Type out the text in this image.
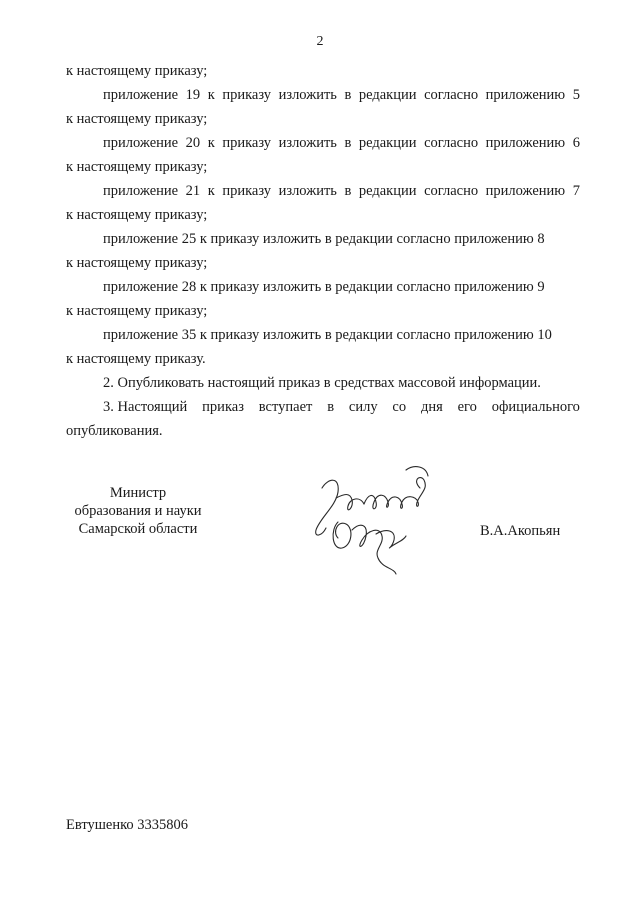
2
к настоящему приказу;
приложение 19 к приказу изложить в редакции согласно приложению 5
к настоящему приказу;
приложение 20 к приказу изложить в редакции согласно приложению 6
к настоящему приказу;
приложение 21 к приказу изложить в редакции согласно приложению 7
к настоящему приказу;
приложение 25 к приказу изложить в редакции согласно приложению 8
к настоящему приказу;
приложение 28 к приказу изложить в редакции согласно приложению 9
к настоящему приказу;
приложение 35 к приказу изложить в редакции согласно приложению 10
к настоящему приказу.
2. Опубликовать настоящий приказ в средствах массовой информации.
3. Настоящий приказ вступает в силу со дня его официального
опубликования.
Министр
образования и науки
Самарской области	В.А.Акопьян
Евтушенко 3335806
